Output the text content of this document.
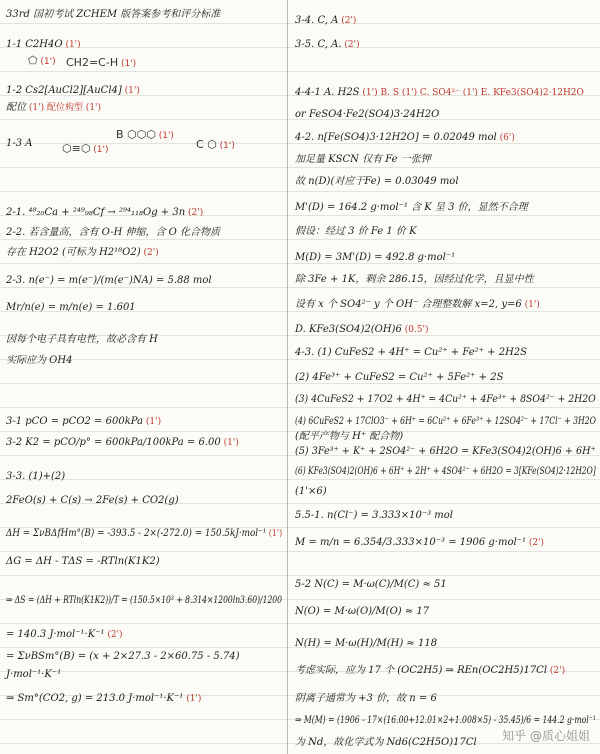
33rd 国初考试 ZCHEM 版答案参考和评分标准
1-1 C2H4O (1')
1-2 Cs2[AuCl2][AuCl4] (1')
配位 (1') 配位构型 (1')
1-3 A
2-1. ⁴⁸₂₀Ca + ²⁴⁹₉₈Cf → ²⁹⁴₁₁₈Og + 3n (2')
2-2. 若含量高，含有 O-H 伸缩，含 O 化合物质
存在 H2O2 (可标为 H2¹⁸O2) (2')
2-3. n(e⁻) = m(e⁻)/(m(e⁻)NA) = 5.88 mol
Mr/n(e) = m/n(e) = 1.601
因每个电子具有电性，故必含有 H
实际应为 OH4
3-1 pCO = pCO2 = 600kPa (1')
3-2 K2 = pCO/p° = 600kPa/100kPa = 6.00 (1')
3-3. (1)+(2)
2FeO(s) + C(s) → 2Fe(s) + CO2(g)
ΔH = ΣνBΔfHm°(B) = -393.5 - 2×(-272.0) = 150.5kJ·mol⁻¹ (1')
ΔG = ΔH - TΔS = -RTln(K1K2)
⇒ ΔS = (ΔH + RTln(K1K2))/T = (150.5×10³ + 8.314×1200ln3.60)/1200
= 140.3 J·mol⁻¹·K⁻¹ (2')
= ΣνBSm°(B) = (x + 2×27.3 - 2×60.75 - 5.74)
J·mol⁻¹·K⁻¹
⇒ Sm°(CO2, g) = 213.0 J·mol⁻¹·K⁻¹ (1')
⬠ (1') CH2=C-H (1')
⬡≡⬡ (1')
B ⬡⬡⬡ (1')
C ⬡ (1')
3-4. C, A (2')
3-5. C, A. (2')
4-4-1 A. H2S (1') B. S (1') C. SO4²⁻ (1') E. KFe3(SO4)2·12H2O
or FeSO4·Fe2(SO4)3·24H2O
4-2. n[Fe(SO4)3·12H2O] = 0.02049 mol (6')
加足量 KSCN 仅有 Fe 一张钾
故 n(D)(对应于Fe) = 0.03049 mol
M'(D) = 164.2 g·mol⁻¹ 含 K 呈 3 价，显然不合理
假设：经过 3 价 Fe 1 价 K
M(D) = 3M'(D) = 492.8 g·mol⁻¹
除 3Fe + 1K，剩余 286.15，因经过化学，且显中性
设有 x 个 SO4²⁻ y 个 OH⁻ 合理整数解 x=2, y=6 (1')
D. KFe3(SO4)2(OH)6 (0.5')
4-3. (1) CuFeS2 + 4H⁺ = Cu²⁺ + Fe²⁺ + 2H2S
(2) 4Fe³⁺ + CuFeS2 = Cu²⁺ + 5Fe²⁺ + 2S
(3) 4CuFeS2 + 17O2 + 4H⁺ = 4Cu²⁺ + 4Fe³⁺ + 8SO4²⁻ + 2H2O
(4) 6CuFeS2 + 17ClO3⁻ + 6H⁺ = 6Cu²⁺ + 6Fe³⁺ + 12SO4²⁻ + 17Cl⁻ + 3H2O
(配平产物与 H⁺ 配合物)
(5) 3Fe³⁺ + K⁺ + 2SO4²⁻ + 6H2O = KFe3(SO4)2(OH)6 + 6H⁺
(6) KFe3(SO4)2(OH)6 + 6H⁺ + 2H⁺ + 4SO4²⁻ + 6H2O = 3[KFe(SO4)2·12H2O]
(1'×6)
5.5-1. n(Cl⁻) = 3.333×10⁻³ mol
M = m/n = 6.354/3.333×10⁻³ = 1906 g·mol⁻¹ (2')
5-2 N(C) = M·ω(C)/M(C) ≈ 51
N(O) = M·ω(O)/M(O) ≈ 17
N(H) = M·ω(H)/M(H) ≈ 118
考虑实际，应为 17 个 (OC2H5) ⇒ REn(OC2H5)17Cl (2')
阴离子通常为 +3 价，故 n = 6
⇒ M(M) = (1906 - 17×(16.00+12.01×2+1.008×5) - 35.45)/6 = 144.2 g·mol⁻¹
为 Nd，故化学式为 Nd6(C2H5O)17Cl 知乎 @质心姐姐
